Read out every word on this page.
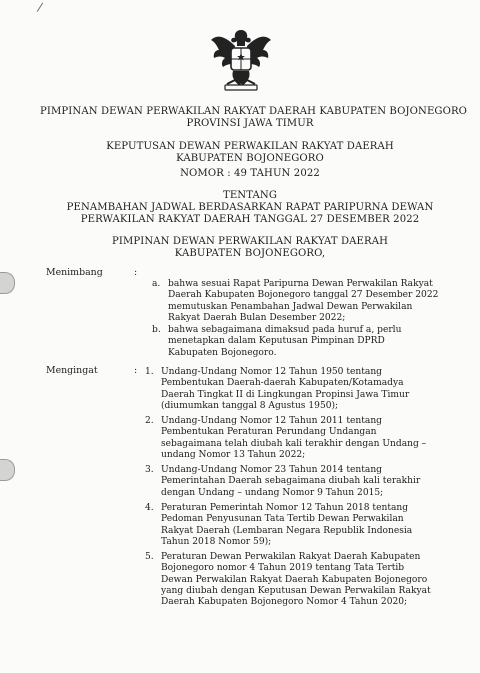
/
PIMPINAN DEWAN PERWAKILAN RAKYAT DAERAH KABUPATEN BOJONEGORO
PROVINSI JAWA TIMUR
KEPUTUSAN DEWAN PERWAKILAN RAKYAT DAERAH
KABUPATEN BOJONEGORO
NOMOR : 49 TAHUN 2022
TENTANG
PENAMBAHAN JADWAL BERDASARKAN RAPAT PARIPURNA DEWAN
PERWAKILAN RAKYAT DAERAH TANGGAL 27 DESEMBER 2022
PIMPINAN DEWAN PERWAKILAN RAKYAT DAERAH
KABUPATEN BOJONEGORO,
Menimbang	:
a. bahwa sesuai Rapat Paripurna Dewan Perwakilan Rakyat
Daerah Kabupaten Bojonegoro tanggal 27 Desember 2022
memutuskan Penambahan Jadwal Dewan Perwakilan
Rakyat Daerah Bulan Desember 2022;
b. bahwa sebagaimana dimaksud pada huruf a, perlu
menetapkan dalam Keputusan Pimpinan DPRD
Kabupaten Bojonegoro.
Mengingat	: 1. Undang-Undang Nomor 12 Tahun 1950 tentang
Pembentukan Daerah-daerah Kabupaten/Kotamadya
Daerah Tingkat II di Lingkungan Propinsi Jawa Timur
(diumumkan tanggal 8 Agustus 1950);
2. Undang-Undang Nomor 12 Tahun 2011 tentang
Pembentukan Peraturan Perundang Undangan
sebagaimana telah diubah kali terakhir dengan Undang –
undang Nomor 13 Tahun 2022;
3. Undang-Undang Nomor 23 Tahun 2014 tentang
Pemerintahan Daerah sebagaimana diubah kali terakhir
dengan Undang – undang Nomor 9 Tahun 2015;
4. Peraturan Pemerintah Nomor 12 Tahun 2018 tentang
Pedoman Penyusunan Tata Tertib Dewan Perwakilan
Rakyat Daerah (Lembaran Negara Republik Indonesia
Tahun 2018 Nomor 59);
5. Peraturan Dewan Perwakilan Rakyat Daerah Kabupaten
Bojonegoro nomor 4 Tahun 2019 tentang Tata Tertib
Dewan Perwakilan Rakyat Daerah Kabupaten Bojonegoro
yang diubah dengan Keputusan Dewan Perwakilan Rakyat
Daerah Kabupaten Bojonegoro Nomor 4 Tahun 2020;
